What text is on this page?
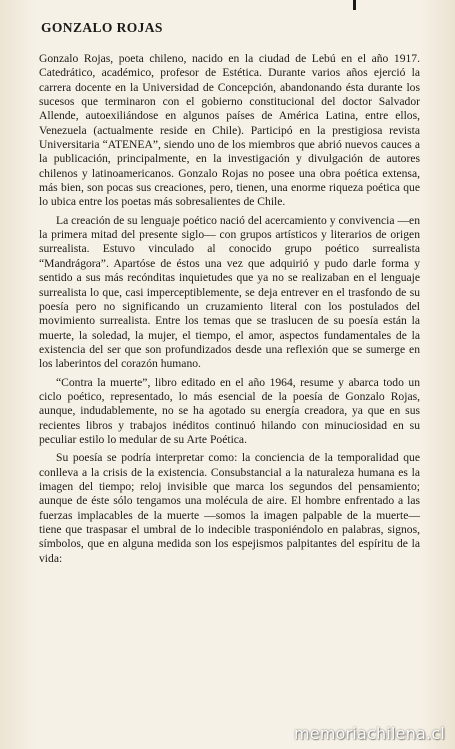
GONZALO ROJAS

Gonzalo Rojas, poeta chileno, nacido en la ciudad de Lebú en el año 1917. Catedrático, académico, profesor de Estética. Durante varios años ejerció la carrera docente en la Universidad de Concepción, abandonando ésta durante los sucesos que terminaron con el gobierno constitucional del doctor Salvador Allende, autoexiliándose en algunos países de América Latina, entre ellos, Venezuela (actualmente reside en Chile). Participó en la prestigiosa revista Universitaria “ATENEA”, siendo uno de los miembros que abrió nuevos cauces a la publicación, principalmente, en la investigación y divulgación de autores chilenos y latinoamericanos. Gonzalo Rojas no posee una obra poética extensa, más bien, son pocas sus creaciones, pero, tienen, una enorme riqueza poética que lo ubica entre los poetas más sobresalientes de Chile.

La creación de su lenguaje poético nació del acercamiento y convivencia —en la primera mitad del presente siglo— con grupos artísticos y literarios de origen surrealista. Estuvo vinculado al conocido grupo poético surrealista “Mandrágora”. Apartóse de éstos una vez que adquirió y pudo darle forma y sentido a sus más recónditas inquietudes que ya no se realizaban en el lenguaje surrealista lo que, casi imperceptiblemente, se deja entrever en el trasfondo de su poesía pero no significando un cruzamiento literal con los postulados del movimiento surrealista. Entre los temas que se traslucen de su poesía están la muerte, la soledad, la mujer, el tiempo, el amor, aspectos fundamentales de la existencia del ser que son profundizados desde una reflexión que se sumerge en los laberintos del corazón humano.

“Contra la muerte”, libro editado en el año 1964, resume y abarca todo un ciclo poético, representado, lo más esencial de la poesía de Gonzalo Rojas, aunque, indudablemente, no se ha agotado su energía creadora, ya que en sus recientes libros y trabajos inéditos continuó hilando con minuciosidad en su peculiar estilo lo medular de su Arte Poética.

Su poesía se podría interpretar como: la conciencia de la temporalidad que conlleva a la crisis de la existencia. Consubstancial a la naturaleza humana es la imagen del tiempo; reloj invisible que marca los segundos del pensamiento; aunque de éste sólo tengamos una molécula de aire. El hombre enfrentado a las fuerzas implacables de la muerte —somos la imagen palpable de la muerte— tiene que traspasar el umbral de lo indecible trasponiéndolo en palabras, signos, símbolos, que en alguna medida son los espejismos palpitantes del espíritu de la vida:

memoriachilena.cl
